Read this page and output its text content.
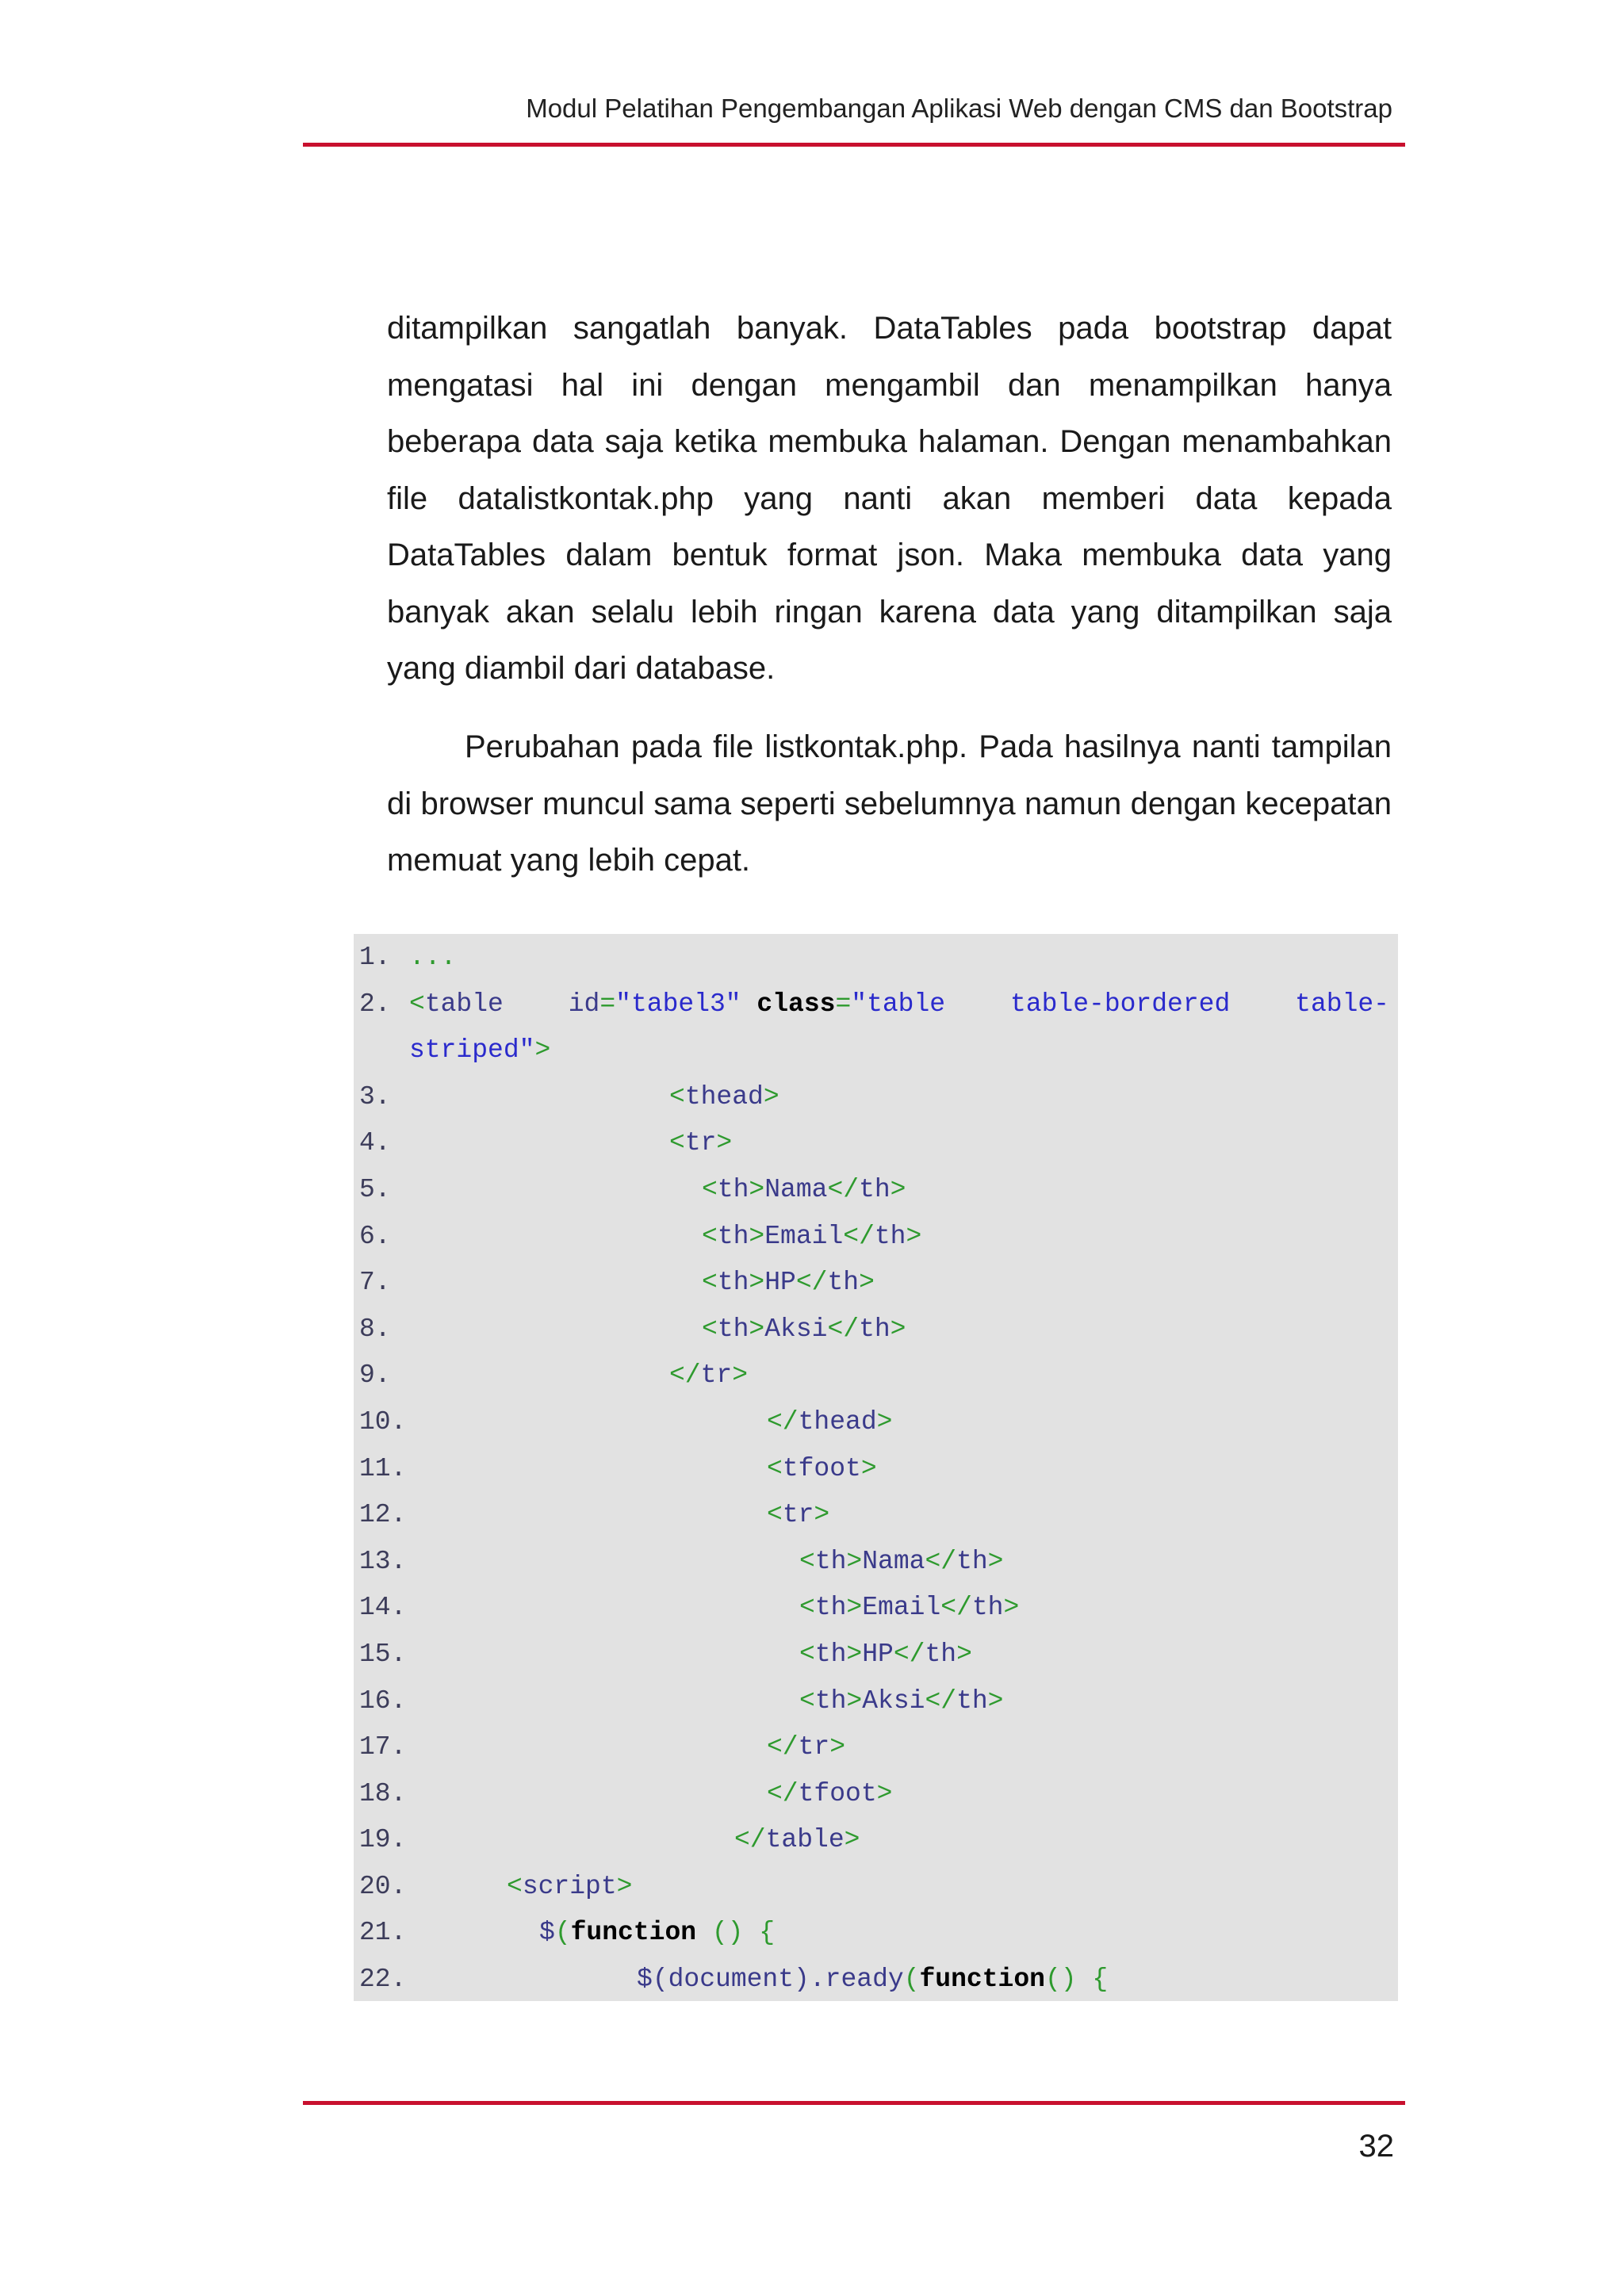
Modul Pelatihan Pengembangan Aplikasi Web dengan CMS dan Bootstrap

ditampilkan sangatlah banyak. DataTables pada bootstrap dapat mengatasi hal ini dengan mengambil dan menampilkan hanya beberapa data saja ketika membuka halaman. Dengan menambahkan file datalistkontak.php yang nanti akan memberi data kepada DataTables dalam bentuk format json. Maka membuka data yang banyak akan selalu lebih ringan karena data yang ditampilkan saja yang diambil dari database.

Perubahan pada file listkontak.php. Pada hasilnya nanti tampilan di browser muncul sama seperti sebelumnya namun dengan kecepatan memuat yang lebih cepat.

1.

...

2.

<table id="tabel3" class="table table-bordered table-

striped">

3.

	<thead>

4.

	<tr>

5.

	<th>Nama</th>

6.

	<th>Email</th>

7.

	<th>HP</th>

8.

	<th>Aksi</th>

9.

	</tr>

10.

	</thead>

11.

	<tfoot>

12.

	<tr>

13.

	<th>Nama</th>

14.

	<th>Email</th>

15.

	<th>HP</th>

16.

	<th>Aksi</th>

17.

	</tr>

18.

	</tfoot>

19.

	</table>

20.

	<script>

21.

	$(function () {

22.

	$(document).ready(function() {

32
